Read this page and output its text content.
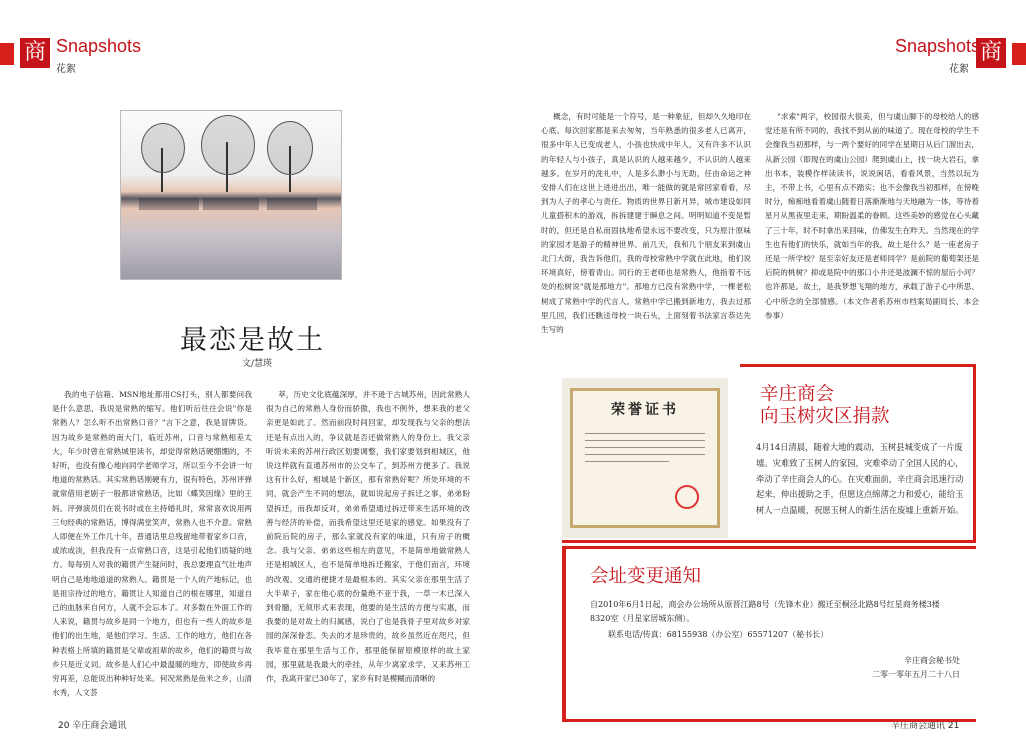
商 Snapshots
花絮
最恋是故土
文/慧瑛

我的电子信箱、MSN地址都用CS打头，别人都要问我是什么意思，我说是常熟的缩写。他们听后往往会说"你是常熟人？怎么听不出常熟口音？"言下之意，我是冒牌货。因为故乡是常熟的南大门，临近苏州，口音与常熟相差太大，年少时曾在常熟城里读书，却觉得常熟话硬绷绷的，不好听，也没有像心地向同学老师学习，所以至今不会讲一句地道的常熟话。其实常熟话刚硬有力，很有特色，苏州评弹就常借用老剧子一般都讲常熟话，比如《蝶笑因缘》里的王妈。评弹演员们在说书时或在主持婚礼时，常常喜欢说用两三句经典的常熟话，博得满堂笑声，常熟人也不介意。常熟人即便在外工作几十年，普通话里总残留地带着家乡口音，或浓或淡，但我没有一点常熟口音，这是引起他们质疑的地方。每每别人对我的籍贯产生疑问时，我总要理直气壮地声明自己是地地道道的常熟人。籍贯是一个人的产地标记，也是祖宗待过的地方，籍贯让人知道自己的根在哪里，知道自己的血脉来自何方，人就不会忘本了。对多数在外面工作的人来说，籍贯与故乡是同一个地方，但也有一些人的故乡是他们的出生地，是他们学习、生活、工作的地方，他们在各种表格上所填的籍贯是父辈或祖辈的故乡，他们的籍贯与故乡只是近义词。故乡是人们心中最温暖的地方，即使故乡再穷再差，总能说出种种好处来。何况常熟是鱼米之乡，山清水秀，人文荟

萃，历史文化底蕴深厚，并不逊于古城苏州，因此常熟人很为自己的常熟人身份而骄傲，我也不例外，想来我的老父亲更是如此了。然而前段时间回家，却发现我与父亲的想法还是有点出入的，争议就是否还做常熟人的身份上。我父亲听说未来的苏州行政区划要调整，我们家要划到相城区，他说这样就有直通苏州市的公交车了，到苏州方便多了。我说这有什么好，相城是个新区，那有常熟好呢？所处环境的不同，就会产生不同的想法，就如说起房子拆迁之事，弟弟盼望拆迁，而我却反对，弟弟希望通过拆迁带来生活环境的改善与经济的补偿，而我希望这里还是家的感觉。如果没有了前院后院的房子，那么家就没有家的味道，只有房子的概念。我与父亲、弟弟这些相左的意见，不是简单地做常熟人还是相城区人，也不是简单地拆迁搬家，于他们而言，环境的改观、交通的便捷才是最根本的。其实父亲在那里生活了大半辈子，家在他心底的份量绝不亚于我，一草一木已深入到骨髓，无须形式来表现，他要的是生活的方便与实惠，而我要的是对故土的归属感，说白了也是我骨子里对故乡对家园的深深眷恋。失去的才是珍贵的，故乡虽然近在咫尺，但我毕竟在那里生活与工作，那里能保留原模原样的故土家园，那里就是我最大的牵挂，从年少离家求学，又来苏州工作，我离开家已30年了，家乡有时是模糊而清晰的

20 辛庄商会通讯
商
Snapshots
花絮

概念，有时可能是一个符号，是一种象征，但却久久地印在心底。每次回家都是来去匆匆，当年熟悉的很多老人已离开，很多中年人已变成老人，小孩也快成中年人，又有许多不认识的年轻人与小孩子，真是认识的人越来越少，不认识的人越来越多。在岁月的洗礼中，人是多么渺小与无助，任由命运之神安排人们在这世上进进出出，唯一能做的就是常回家看看，尽到为人子的孝心与责任。物质的世界日新月异，城市建设如同儿童搭积木的游戏，拆拆建建于瞬息之间。明明知道不变是暂时的，但还是自私而固执地希望永远不要改变，只为原汁原味的家园才是游子的精神世界。前几天，我和几个朋友来到虞山北门大街，我告诉他们，我的母校常熟中学就在此地，他们说环境真好，傍着青山。同行的王老师也是常熟人，他指着不远处的松树说"就是那地方"。那地方已没有常熟中学，一棵老松树成了常熟中学的代言人。常熟中学已搬到新地方，我去过那里几回，我们还瞧送母校一块石头，上面刻着书法家言恭达先生写的

"求索"两字，校园很大很美，但与虞山脚下的母校给人的感觉还是有所不同的，我找不到从前的味道了。现在母校的学生不会像我当初那样，与一两个要好的同学在星期日从后门溜出去，从新公园（即现在的虞山公园）爬到虞山上，找一块大岩石，拿出书本，装模作样读读书，说说闲话，看看风景，当然以玩为主，不带上书，心里有点不踏实；也不会像我当初那样，在傍晚时分，痴痴地看着虞山随着日落渐渐地与天地融为一体，等待着星月从黑夜里走来，期盼温柔的眷顾。这些美妙的感觉在心头藏了三十年，时不时拿出来回味，仿佛发生在昨天。当然现在的学生也有他们的快乐，就如当年的我。故土是什么？是一座老房子还是一所学校？是至亲好友还是老师同学？是前院的葡萄架还是后院的桃树？抑或是院中的那口小井还是波澜不惊的屋后小河？也许都是。故土，是我梦想飞翔的地方，承载了游子心中所思、心中所念的全部情感。（本文作者系苏州市档案局副局长、本会参事）

辛庄商会通讯 21
荣誉证书
辛庄商会
向玉树灾区捐款
4月14日清晨，随着大地的震动，玉树县城变成了一片废墟。灾难致了玉树人的家园，灾难牵动了全国人民的心，牵动了辛庄商会人的心。在灾难面前，辛庄商会迅速行动起来，伸出援助之手，但愿这点绵薄之力和爱心，能给玉树人一点温暖，祝愿玉树人的新生活在废墟上重新开始。
会址变更通知
自2010年6月1日起，商会办公场所从原晋江路8号（先锋木业）搬迁至桐泾北路8号红星商务楼3楼8320室（月星家居城东侧）。
联系电话/传真：68155938（办公室）65571207（秘书长）
辛庄商会秘书处
二零一零年五月二十八日
